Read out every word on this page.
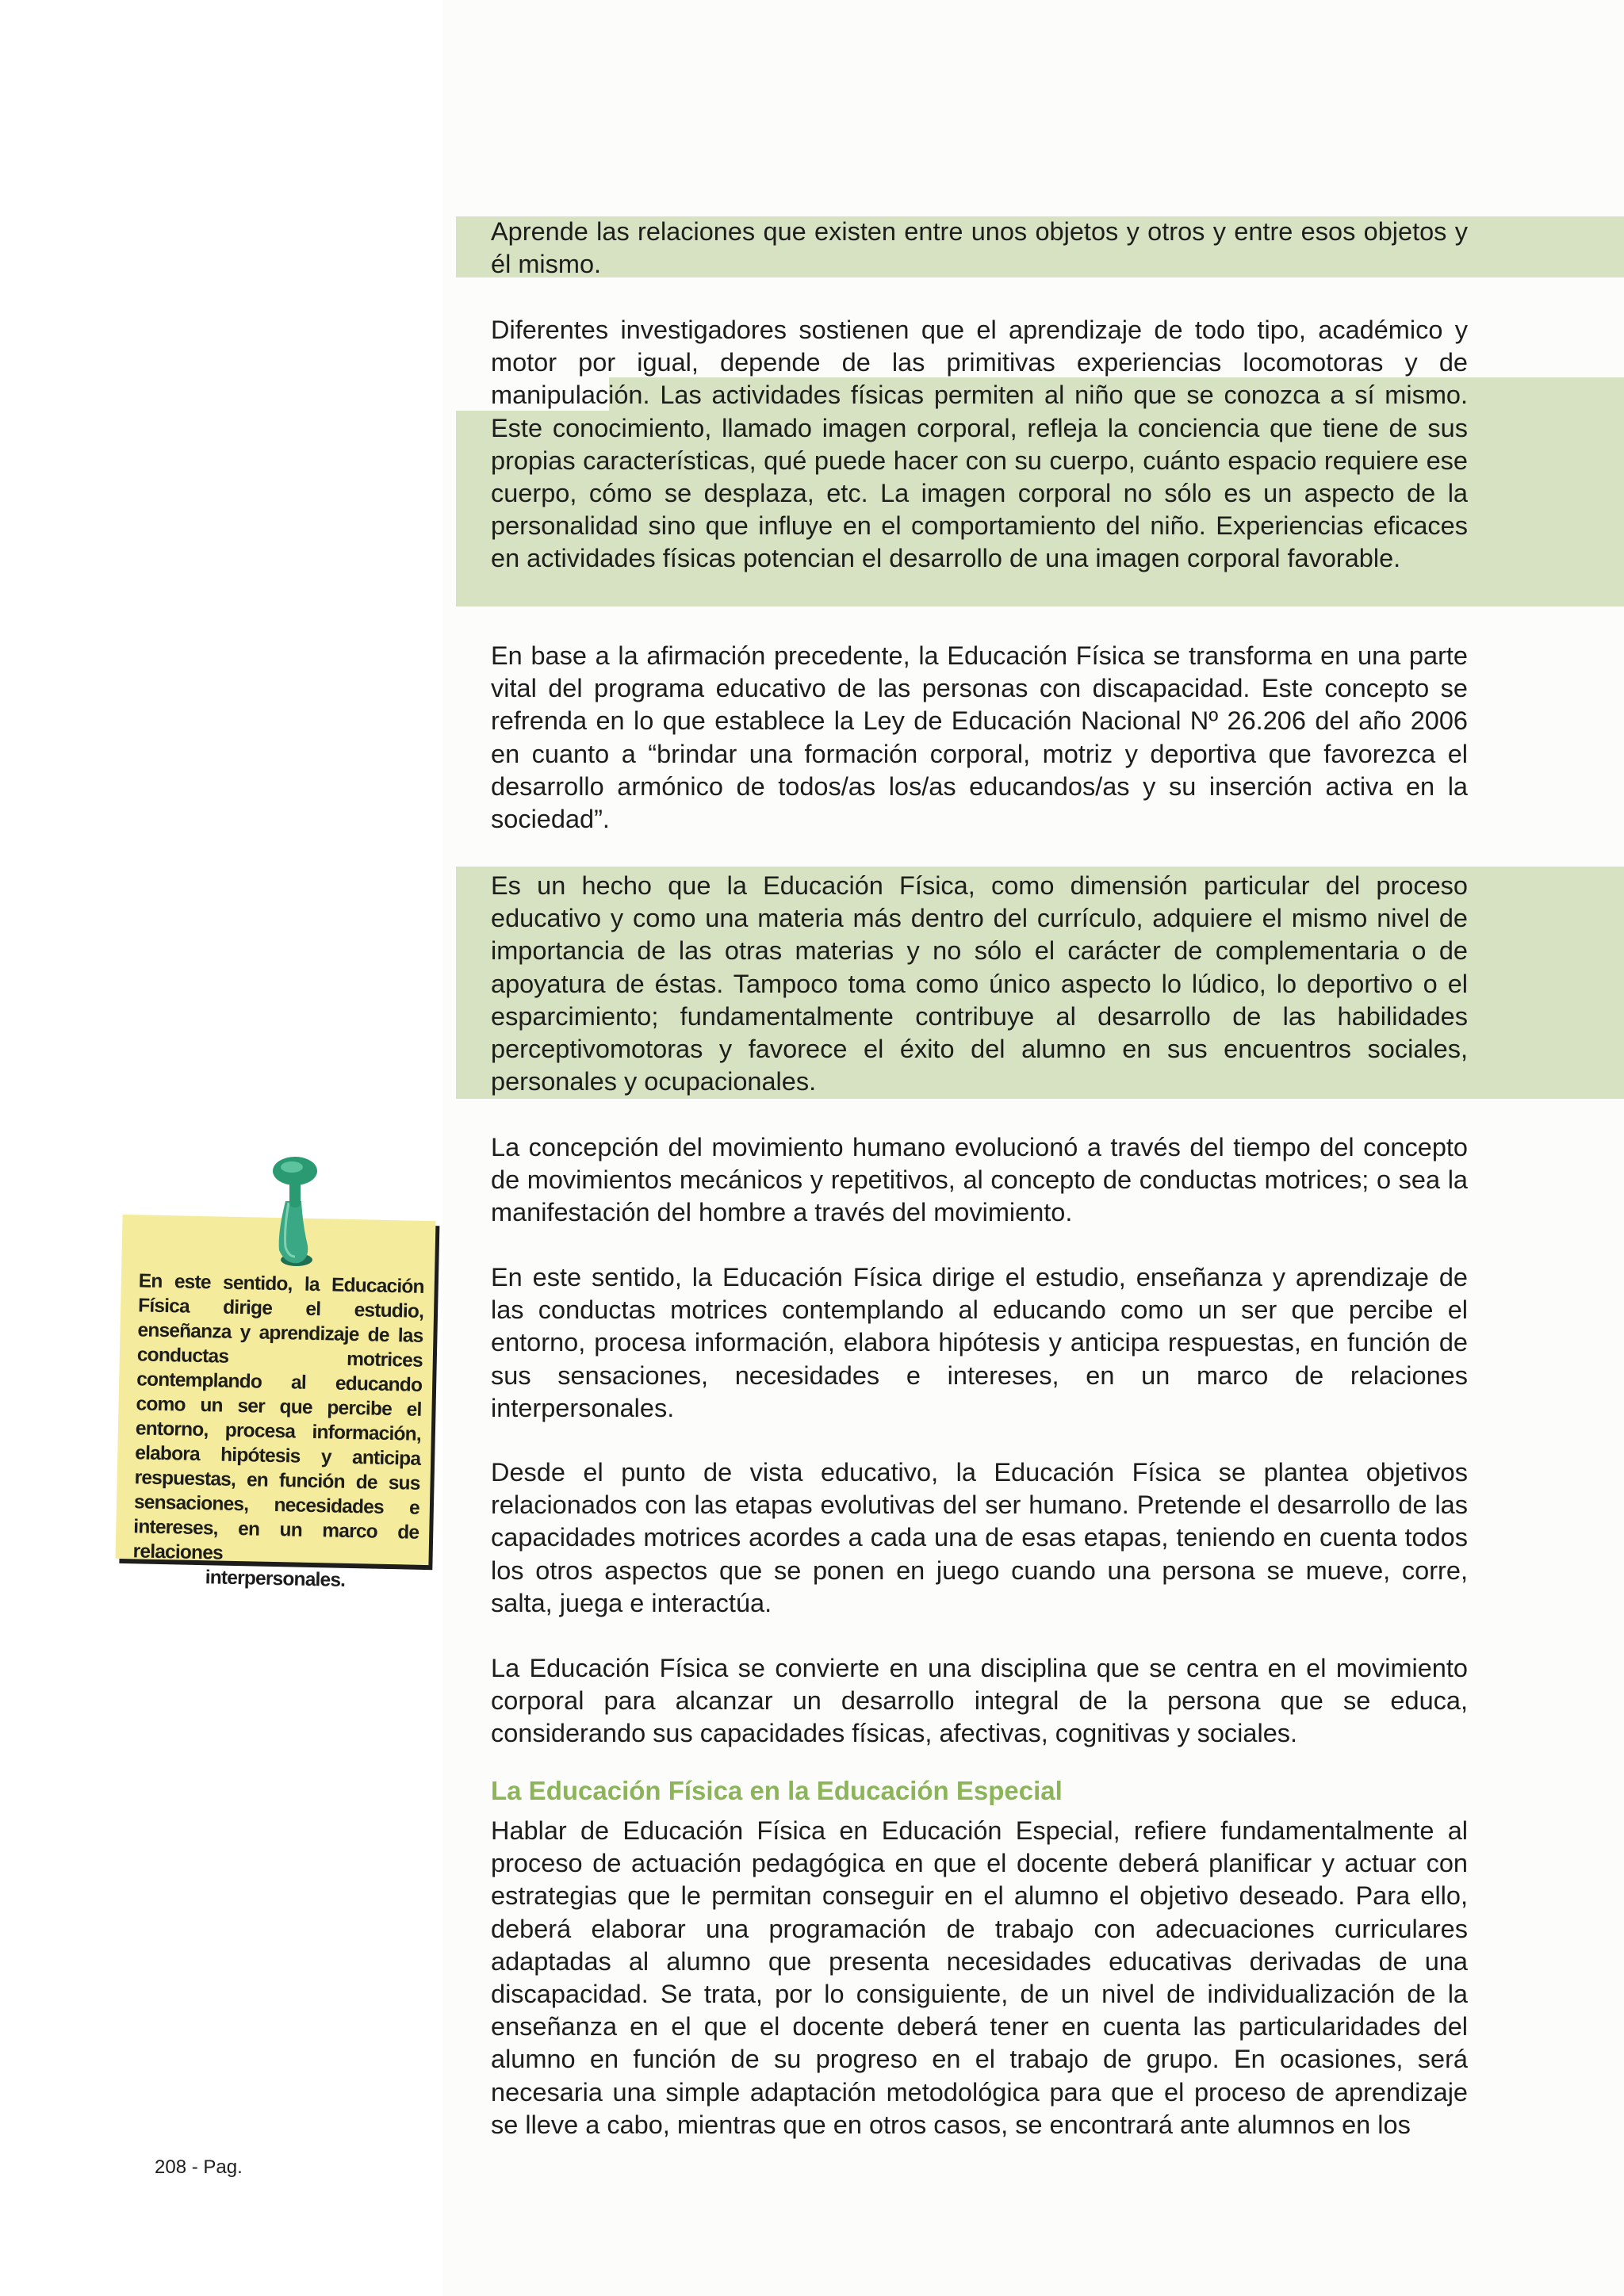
Aprende las relaciones que existen entre unos objetos y otros y entre esos objetos y él mismo.

Diferentes investigadores sostienen que el aprendizaje de todo tipo, académico y motor por igual, depende de las primitivas experiencias locomotoras y de manipulación. Las actividades físicas permiten al niño que se conozca a sí mismo. Este conocimiento, llamado imagen corporal, refleja la conciencia que tiene de sus propias características, qué puede hacer con su cuerpo, cuánto espacio requiere ese cuerpo, cómo se desplaza, etc. La imagen corporal no sólo es un aspecto de la personalidad sino que influye en el comportamiento del niño. Experiencias eficaces en actividades físicas potencian el desarrollo de una imagen corporal favorable.

En base a la afirmación precedente, la Educación Física se transforma en una parte vital del programa educativo de las personas con discapacidad. Este concepto se refrenda en lo que establece la Ley de Educación Nacional Nº 26.206 del año 2006 en cuanto a “brindar una formación corporal, motriz y deportiva que favorezca el desarrollo armónico de todos/as los/as educandos/as y su inserción activa en la sociedad”.

Es un hecho que la Educación Física, como dimensión particular del proceso educativo y como una materia más dentro del currículo, adquiere el mismo nivel de importancia de las otras materias y no sólo el carácter de complementaria o de apoyatura de éstas. Tampoco toma como único aspecto lo lúdico, lo deportivo o el esparcimiento; fundamentalmente contribuye al desarrollo de las habilidades perceptivomotoras y favorece el éxito del alumno en sus encuentros sociales, personales y ocupacionales.

La concepción del movimiento humano evolucionó a través del tiempo del concepto de movimientos mecánicos y repetitivos, al concepto de conductas motrices; o sea la manifestación del hombre a través del movimiento.

En este sentido, la Educación Física dirige el estudio, enseñanza y aprendizaje de las conductas motrices contemplando al educando como un ser que percibe el entorno, procesa información, elabora hipótesis y anticipa respuestas, en función de sus sensaciones, necesidades e intereses, en un marco de relaciones interpersonales.

Desde el punto de vista educativo, la Educación Física se plantea objetivos relacionados con las etapas evolutivas del ser humano. Pretende el desarrollo de las capacidades motrices acordes a cada una de esas etapas, teniendo en cuenta todos los otros aspectos que se ponen en juego cuando una persona se mueve, corre, salta, juega e interactúa.

La Educación Física se convierte en una disciplina que se centra en el movimiento corporal para alcanzar un desarrollo integral de la persona que se educa, considerando sus capacidades físicas, afectivas, cognitivas y sociales.

La Educación Física en la Educación Especial

Hablar de Educación Física en Educación Especial, refiere fundamentalmente al proceso de actuación pedagógica en que el docente deberá planificar y actuar con estrategias que le permitan conseguir en el alumno el objetivo deseado. Para ello, deberá elaborar una programación de trabajo con adecuaciones curriculares adaptadas al alumno que presenta necesidades educativas derivadas de una discapacidad. Se trata, por lo consiguiente, de un nivel de individualización de la enseñanza en el que el docente deberá tener en cuenta las particularidades del alumno en función de su progreso en el trabajo de grupo. En ocasiones, será necesaria una simple adaptación metodológica para que el proceso de aprendizaje se lleve a cabo, mientras que en otros casos, se encontrará ante alumnos en los

En este sentido, la Educación Física dirige el estudio, enseñanza y aprendizaje de las conductas motrices contemplando al educando como un ser que percibe el entorno, procesa información, elabora hipótesis y anticipa respuestas, en función de sus sensaciones, necesidades e intereses, en un marco de relaciones
interpersonales.
208 - Pag.
